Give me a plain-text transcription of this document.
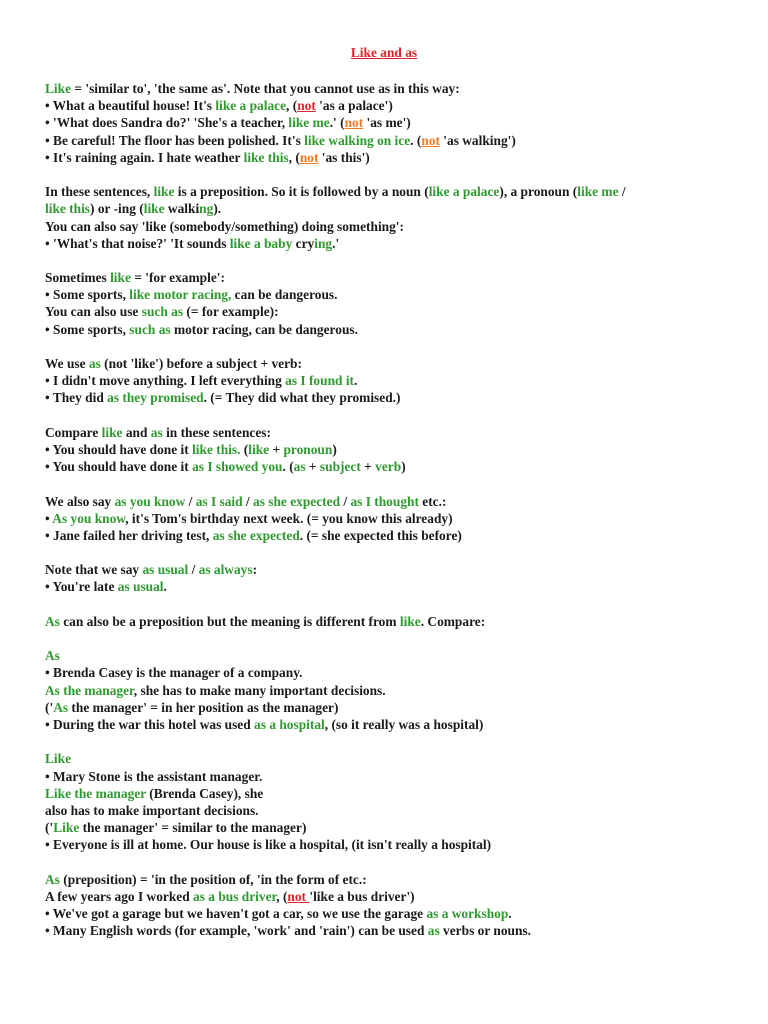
Like and as
Like = 'similar to', 'the same as'. Note that you cannot use as in this way:
• What a beautiful house! It's like a palace, (not 'as a palace')
• 'What does Sandra do?' 'She's a teacher, like me.' (not 'as me')
• Be careful! The floor has been polished. It's like walking on ice. (not 'as walking')
• It's raining again. I hate weather like this, (not 'as this')
In these sentences, like is a preposition. So it is followed by a noun (like a palace), a pronoun (like me /
like this) or -ing (like walking).
You can also say 'like (somebody/something) doing something':
• 'What's that noise?' 'It sounds like a baby crying.'
Sometimes like = 'for example':
• Some sports, like motor racing, can be dangerous.
You can also use such as (= for example):
• Some sports, such as motor racing, can be dangerous.
We use as (not 'like') before a subject + verb:
• I didn't move anything. I left everything as I found it.
• They did as they promised. (= They did what they promised.)
Compare like and as in these sentences:
• You should have done it like this. (like + pronoun)
• You should have done it as I showed you. (as + subject + verb)
We also say as you know / as I said / as she expected / as I thought etc.:
• As you know, it's Tom's birthday next week. (= you know this already)
• Jane failed her driving test, as she expected. (= she expected this before)
Note that we say as usual / as always:
• You're late as usual.
As can also be a preposition but the meaning is different from like. Compare:
As
• Brenda Casey is the manager of a company.
As the manager, she has to make many important decisions.
('As the manager' = in her position as the manager)
• During the war this hotel was used as a hospital, (so it really was a hospital)
Like
• Mary Stone is the assistant manager.
Like the manager (Brenda Casey), she
also has to make important decisions.
('Like the manager' = similar to the manager)
• Everyone is ill at home. Our house is like a hospital, (it isn't really a hospital)
As (preposition) = 'in the position of, 'in the form of etc.:
A few years ago I worked as a bus driver, (not 'like a bus driver')
• We've got a garage but we haven't got a car, so we use the garage as a workshop.
• Many English words (for example, 'work' and 'rain') can be used as verbs or nouns.
